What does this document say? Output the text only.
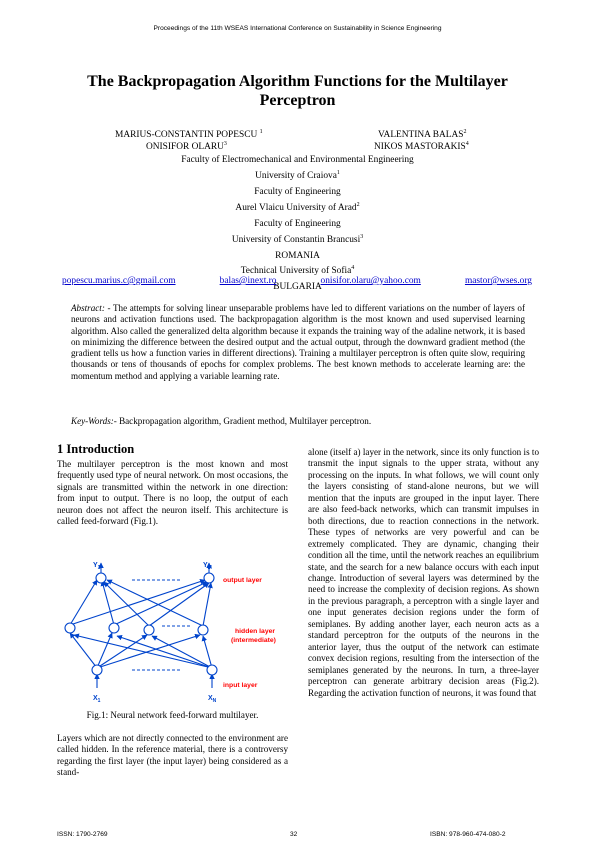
Proceedings of the 11th WSEAS International Conference on Sustainability in Science Engineering
The Backpropagation Algorithm Functions for the Multilayer
Perceptron
MARIUS-CONSTANTIN POPESCU $^1$	VALENTINA BALAS$^2$
ONISIFOR OLARU$^3$	NIKOS MASTORAKIS$^4$
Faculty of Electromechanical and Environmental Engineering
University of Craiova$^1$
Faculty of Engineering
Aurel Vlaicu University of Arad$^2$
Faculty of Engineering
University of Constantin Brancusi$^3$
ROMANIA
Technical University of Sofia$^4$
BULGARIA
popescu.marius.c@gmail.com	balas@inext.ro	onisifor.olaru@yahoo.com	mastor@wses.org
Abstract: - The attempts for solving linear unseparable problems have led to different variations on the number of layers of neurons and activation functions used. The backpropagation algorithm is the most known and used supervised learning algorithm. Also called the generalized delta algorithm because it expands the training way of the adaline network, it is based on minimizing the difference between the desired output and the actual output, through the downward gradient method (the gradient tells us how a function varies in different directions). Training a multilayer perceptron is often quite slow, requiring thousands or tens of thousands of epochs for complex problems. The best known methods to accelerate learning are: the momentum method and applying a variable learning rate.
Key-Words:- Backpropagation algorithm, Gradient method, Multilayer perceptron.
1 Introduction
The multilayer perceptron is the most known and most frequently used type of neural network. On most occasions, the signals are transmitted within the network in one direction: from input to output. There is no loop, the output of each neuron does not affect the neuron itself. This architecture is called feed-forward (Fig.1).
$Y_1$	$Y_M$
$X_1$	$X_N$
output layer
hidden layer
(intermediate)
input layer
Fig.1: Neural network feed-forward multilayer.
Layers which are not directly connected to the environment are called hidden. In the reference material, there is a controversy regarding the first layer (the input layer) being considered as a stand-
alone (itself a) layer in the network, since its only function is to transmit the input signals to the upper strata, without any processing on the inputs. In what follows, we will count only the layers consisting of stand-alone neurons, but we will mention that the inputs are grouped in the input layer. There are also feed-back networks, which can transmit impulses in both directions, due to reaction connections in the network. These types of networks are very powerful and can be extremely complicated. They are dynamic, changing their condition all the time, until the network reaches an equilibrium state, and the search for a new balance occurs with each input change. Introduction of several layers was determined by the need to increase the complexity of decision regions. As shown in the previous paragraph, a perceptron with a single layer and one input generates decision regions under the form of semiplanes. By adding another layer, each neuron acts as a standard perceptron for the outputs of the neurons in the anterior layer, thus the output of the network can estimate convex decision regions, resulting from the intersection of the semiplanes generated by the neurons. In turn, a three-layer perceptron can generate arbitrary decision areas (Fig.2). Regarding the activation function of neurons, it was found that
ISSN: 1790-2769	32	ISBN: 978-960-474-080-2
